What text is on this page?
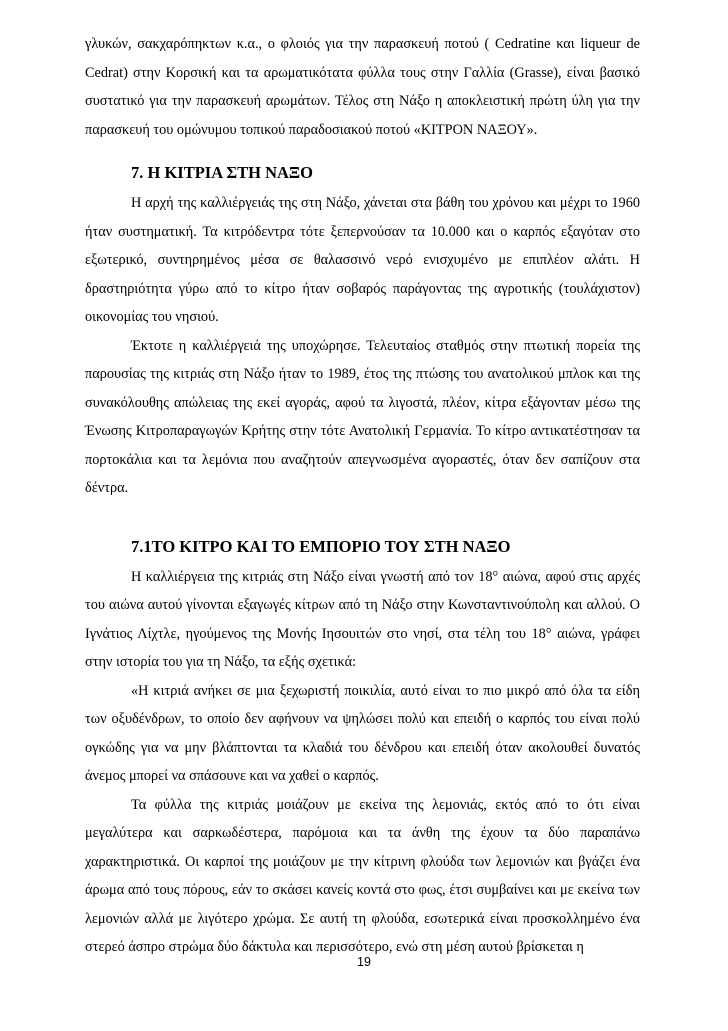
γλυκών, σακχαρόπηκτων κ.α., ο φλοιός για την παρασκευή ποτού ( Cedratine και liqueur de Cedrat) στην Κορσική και τα αρωματικότατα φύλλα τους στην Γαλλία (Grasse), είναι βασικό συστατικό για την παρασκευή αρωμάτων. Τέλος στη Νάξο η αποκλειστική πρώτη ύλη για την παρασκευή του ομώνυμου τοπικού παραδοσιακού ποτού «ΚΙΤΡΟΝ ΝΑΞΟΥ».

7. Η ΚΙΤΡΙΑ ΣΤΗ ΝΑΞΟ

Η αρχή της καλλιέργειάς της στη Νάξο, χάνεται στα βάθη του χρόνου και μέχρι το 1960 ήταν συστηματική. Τα κιτρόδεντρα τότε ξεπερνούσαν τα 10.000 και ο καρπός εξαγόταν στο εξωτερικό, συντηρημένος μέσα σε θαλασσινό νερό ενισχυμένο με επιπλέον αλάτι. Η δραστηριότητα γύρω από το κίτρο ήταν σοβαρός παράγοντας της αγροτικής (τουλάχιστον) οικονομίας του νησιού.

Έκτοτε η καλλιέργειά της υποχώρησε. Τελευταίος σταθμός στην πτωτική πορεία της παρουσίας της κιτριάς στη Νάξο ήταν το 1989, έτος της πτώσης του ανατολικού μπλοκ και της συνακόλουθης απώλειας της εκεί αγοράς, αφού τα λιγοστά, πλέον, κίτρα εξάγονταν μέσω της Ένωσης Κιτροπαραγωγών Κρήτης στην τότε Ανατολική Γερμανία. Το κίτρο αντικατέστησαν τα πορτοκάλια και τα λεμόνια που αναζητούν απεγνωσμένα αγοραστές, όταν δεν σαπίζουν στα δέντρα.

7.1ΤΟ ΚΙΤΡΟ ΚΑΙ ΤΟ ΕΜΠΟΡΙΟ ΤΟΥ ΣΤΗ ΝΑΞΟ

Η καλλιέργεια της κιτριάς στη Νάξο είναι γνωστή από τον 18° αιώνα, αφού στις αρχές του αιώνα αυτού γίνονται εξαγωγές κίτρων από τη Νάξο στην Κωνσταντινούπολη και αλλού. Ο Ιγνάτιος Λίχτλε, ηγούμενος της Μονής Ιησουιτών στο νησί, στα τέλη του 18° αιώνα, γράφει στην ιστορία του για τη Νάξο, τα εξής σχετικά:

«Η κιτριά ανήκει σε μια ξεχωριστή ποικιλία, αυτό είναι το πιο μικρό από όλα τα είδη των οξυδένδρων, το οποίο δεν αφήνουν να ψηλώσει πολύ και επειδή ο καρπός του είναι πολύ ογκώδης για να μην βλάπτονται τα κλαδιά του δένδρου και επειδή όταν ακολουθεί δυνατός άνεμος μπορεί να σπάσουνε και να χαθεί ο καρπός.

Τα φύλλα της κιτριάς μοιάζουν με εκείνα της λεμονιάς, εκτός από το ότι είναι μεγαλύτερα και σαρκωδέστερα, παρόμοια και τα άνθη της έχουν τα δύο παραπάνω χαρακτηριστικά. Οι καρποί της μοιάζουν με την κίτρινη φλούδα των λεμονιών και βγάζει ένα άρωμα από τους πόρους, εάν το σκάσει κανείς κοντά στο φως, έτσι συμβαίνει και με εκείνα των λεμονιών αλλά με λιγότερο χρώμα. Σε αυτή τη φλούδα, εσωτερικά είναι προσκολλημένο ένα στερεό άσπρο στρώμα δύο δάκτυλα και περισσότερο, ενώ στη μέση αυτού βρίσκεται η

19
